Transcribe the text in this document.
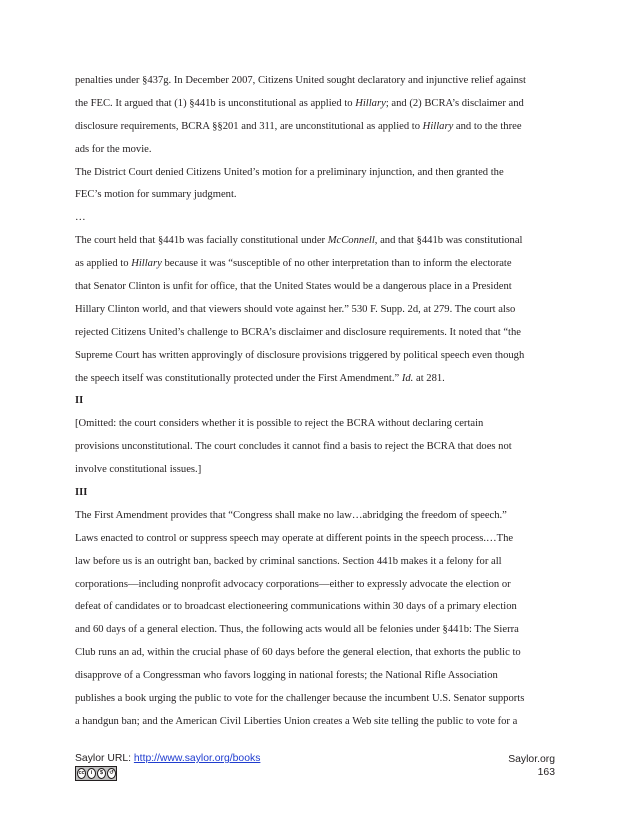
penalties under §437g. In December 2007, Citizens United sought declaratory and injunctive relief against
the FEC. It argued that (1) §441b is unconstitutional as applied to Hillary; and (2) BCRA’s disclaimer and
disclosure requirements, BCRA §§201 and 311, are unconstitutional as applied to Hillary and to the three
ads for the movie.
The District Court denied Citizens United’s motion for a preliminary injunction, and then granted the
FEC’s motion for summary judgment.
…
The court held that §441b was facially constitutional under McConnell, and that §441b was constitutional
as applied to Hillary because it was “susceptible of no other interpretation than to inform the electorate
that Senator Clinton is unfit for office, that the United States would be a dangerous place in a President
Hillary Clinton world, and that viewers should vote against her.” 530 F. Supp. 2d, at 279. The court also
rejected Citizens United’s challenge to BCRA’s disclaimer and disclosure requirements. It noted that “the
Supreme Court has written approvingly of disclosure provisions triggered by political speech even though
the speech itself was constitutionally protected under the First Amendment.” Id. at 281.
II
[Omitted: the court considers whether it is possible to reject the BCRA without declaring certain
provisions unconstitutional. The court concludes it cannot find a basis to reject the BCRA that does not
involve constitutional issues.]
III
The First Amendment provides that “Congress shall make no law…abridging the freedom of speech.”
Laws enacted to control or suppress speech may operate at different points in the speech process.…The
law before us is an outright ban, backed by criminal sanctions. Section 441b makes it a felony for all
corporations—including nonprofit advocacy corporations—either to expressly advocate the election or
defeat of candidates or to broadcast electioneering communications within 30 days of a primary election
and 60 days of a general election. Thus, the following acts would all be felonies under §441b: The Sierra
Club runs an ad, within the crucial phase of 60 days before the general election, that exhorts the public to
disapprove of a Congressman who favors logging in national forests; the National Rifle Association
publishes a book urging the public to vote for the challenger because the incumbent U.S. Senator supports
a handgun ban; and the American Civil Liberties Union creates a Web site telling the public to vote for a
Saylor URL: http://www.saylor.org/books
cc	i	$	↺
Saylor.org
163
